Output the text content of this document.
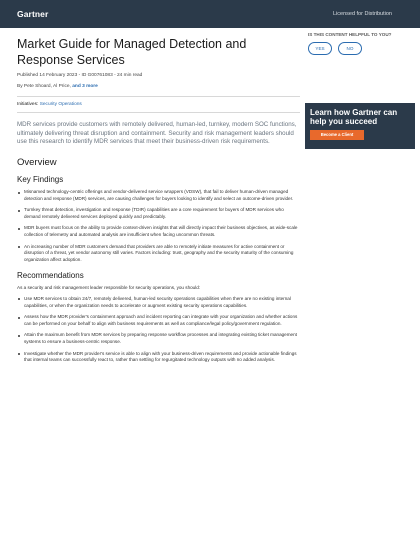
Gartner	Licensed for Distribution
Market Guide for Managed Detection and Response Services
Published 14 February 2023 - ID G00761083 - 24 min read
By Pete Shoard, Al Price, and 3 more
Initiatives: Security Operations

MDR services provide customers with remotely delivered, human-led, turnkey, modern SOC functions, ultimately delivering threat disruption and containment. Security and risk management leaders should use this research to identify MDR services that meet their business-driven risk requirements.

Overview
Key Findings
Misnamed technology-centric offerings and vendor-delivered service wrappers (VDSW), that fail to deliver human-driven managed detection and response (MDR) services, are causing challenges for buyers looking to identify and select an outcome-driven provider.
Turnkey threat detection, investigation and response (TDIR) capabilities are a core requirement for buyers of MDR services who demand remotely delivered services deployed quickly and predictably.
MDR buyers must focus on the ability to provide context-driven insights that will directly impact their business objectives, as wide-scale collection of telemetry and automated analysis are insufficient when facing uncommon threats.
An increasing number of MDR customers demand that providers are able to remotely initiate measures for active containment or disruption of a threat, yet vendor autonomy still varies. Factors including: trust, geography and the security maturity of the consuming organization affect adoption.
Recommendations

As a security and risk management leader responsible for security operations, you should:

Use MDR services to obtain 24/7, remotely delivered, human-led security operations capabilities when there are no existing internal capabilities, or when the organization needs to accelerate or augment existing security operations capabilities.
Assess how the MDR provider's containment approach and incident reporting can integrate with your organization and whether actions can be performed on your behalf to align with business requirements as well as compliance/legal policy/government regulation.
Attain the maximum benefit from MDR services by preparing response workflow processes and integrating existing ticket management systems to ensure a business-centric response.
Investigate whether the MDR provider's service is able to align with your business-driven requirements and provide actionable findings that internal teams can successfully react to, rather than settling for regurgitated technology outputs with no added analysis.
IS THIS CONTENT HELPFUL TO YOU?
YES	NO
Learn how Gartner can help you succeed
Become a Client
